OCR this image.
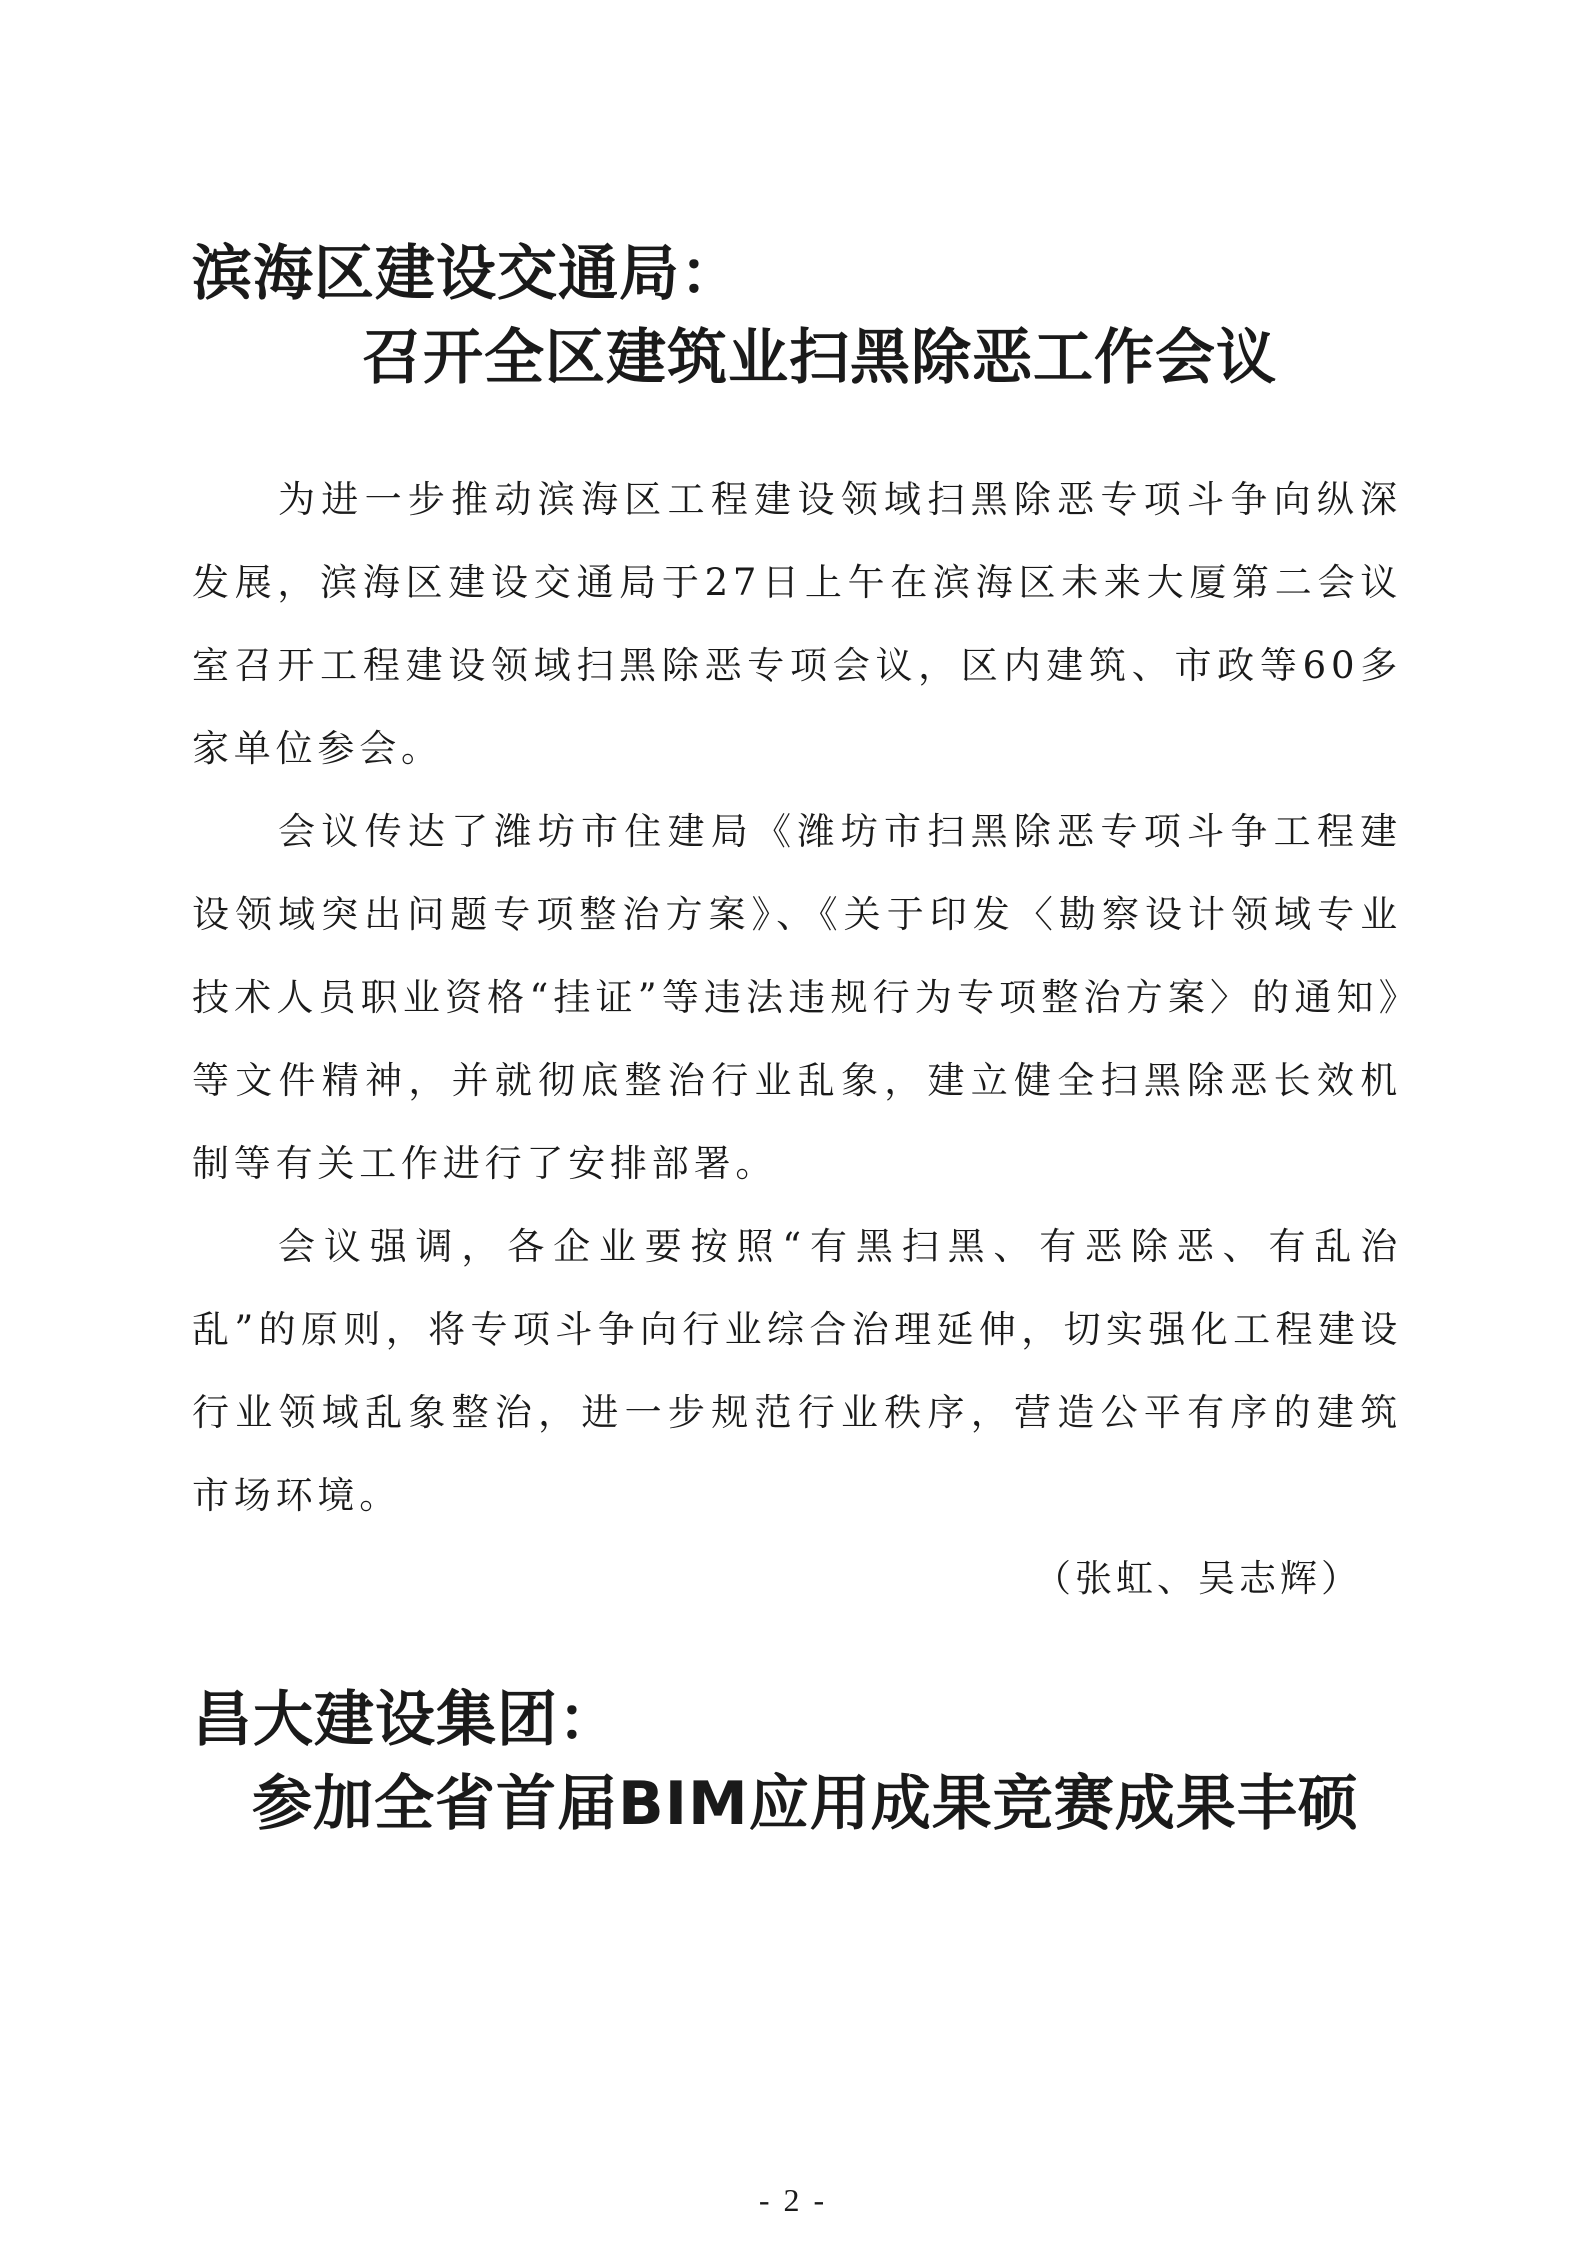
滨海区建设交通局：
召开全区建筑业扫黑除恶工作会议

为进一步推动滨海区工程建设领域扫黑除恶专项斗争向纵深发展，滨海区建设交通局于27日上午在滨海区未来大厦第二会议室召开工程建设领域扫黑除恶专项会议，区内建筑、市政等60多家单位参会。

会议传达了潍坊市住建局《潍坊市扫黑除恶专项斗争工程建设领域突出问题专项整治方案》、《关于印发〈勘察设计领域专业技术人员职业资格“挂证”等违法违规行为专项整治方案〉的通知》等文件精神，并就彻底整治行业乱象，建立健全扫黑除恶长效机制等有关工作进行了安排部署。

会议强调，各企业要按照“有黑扫黑、有恶除恶、有乱治乱”的原则，将专项斗争向行业综合治理延伸，切实强化工程建设行业领域乱象整治，进一步规范行业秩序，营造公平有序的建筑市场环境。

（张虹、吴志辉）

昌大建设集团：
参加全省首届BIM应用成果竞赛成果丰硕
- 2 -
